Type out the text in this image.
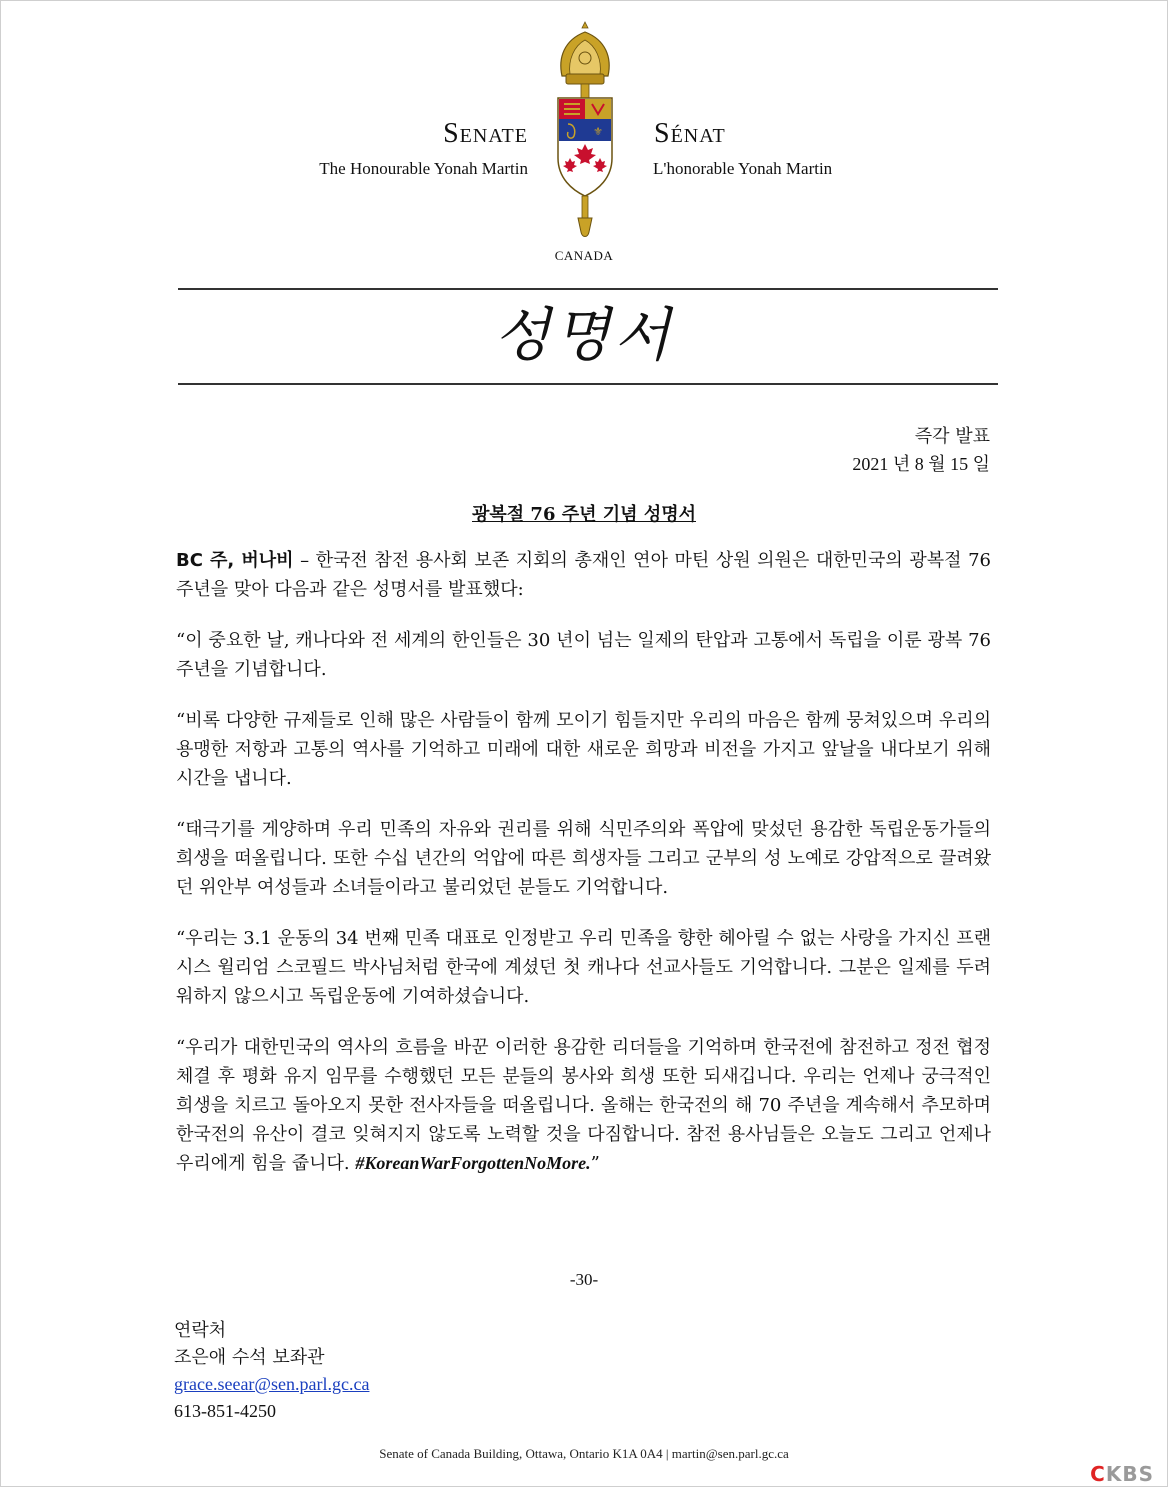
⚜
Senate	Sénat
The Honourable Yonah Martin	L'honorable Yonah Martin
CANADA
성명서
즉각 발표
2021 년 8 월 15 일
광복절 76 주년 기념 성명서

BC 주, 버나비 – 한국전 참전 용사회 보존 지회의 총재인 연아 마틴 상원 의원은 대한민국의 광복절 76 주년을 맞아 다음과 같은 성명서를 발표했다:

“이 중요한 날, 캐나다와 전 세계의 한인들은 30 년이 넘는 일제의 탄압과 고통에서 독립을 이룬 광복 76 주년을 기념합니다.

“비록 다양한 규제들로 인해 많은 사람들이 함께 모이기 힘들지만 우리의 마음은 함께 뭉쳐있으며 우리의 용맹한 저항과 고통의 역사를 기억하고 미래에 대한 새로운 희망과 비전을 가지고 앞날을 내다보기 위해 시간을 냅니다.

“태극기를 게양하며 우리 민족의 자유와 권리를 위해 식민주의와 폭압에 맞섰던 용감한 독립운동가들의 희생을 떠올립니다. 또한 수십 년간의 억압에 따른 희생자들 그리고 군부의 성 노예로 강압적으로 끌려왔던 위안부 여성들과 소녀들이라고 불리었던 분들도 기억합니다.

“우리는 3.1 운동의 34 번째 민족 대표로 인정받고 우리 민족을 향한 헤아릴 수 없는 사랑을 가지신 프랜시스 윌리엄 스코필드 박사님처럼 한국에 계셨던 첫 캐나다 선교사들도 기억합니다. 그분은 일제를 두려워하지 않으시고 독립운동에 기여하셨습니다.

“우리가 대한민국의 역사의 흐름을 바꾼 이러한 용감한 리더들을 기억하며 한국전에 참전하고 정전 협정 체결 후 평화 유지 임무를 수행했던 모든 분들의 봉사와 희생 또한 되새깁니다. 우리는 언제나 궁극적인 희생을 치르고 돌아오지 못한 전사자들을 떠올립니다. 올해는 한국전의 해 70 주년을 계속해서 추모하며 한국전의 유산이 결코 잊혀지지 않도록 노력할 것을 다짐합니다. 참전 용사님들은 오늘도 그리고 언제나 우리에게 힘을 줍니다. #KoreanWarForgottenNoMore.”

-30-
연락처
조은애 수석 보좌관
grace.seear@sen.parl.gc.ca
613-851-4250
Senate of Canada Building, Ottawa, Ontario K1A 0A4 | martin@sen.parl.gc.ca
CKBS
